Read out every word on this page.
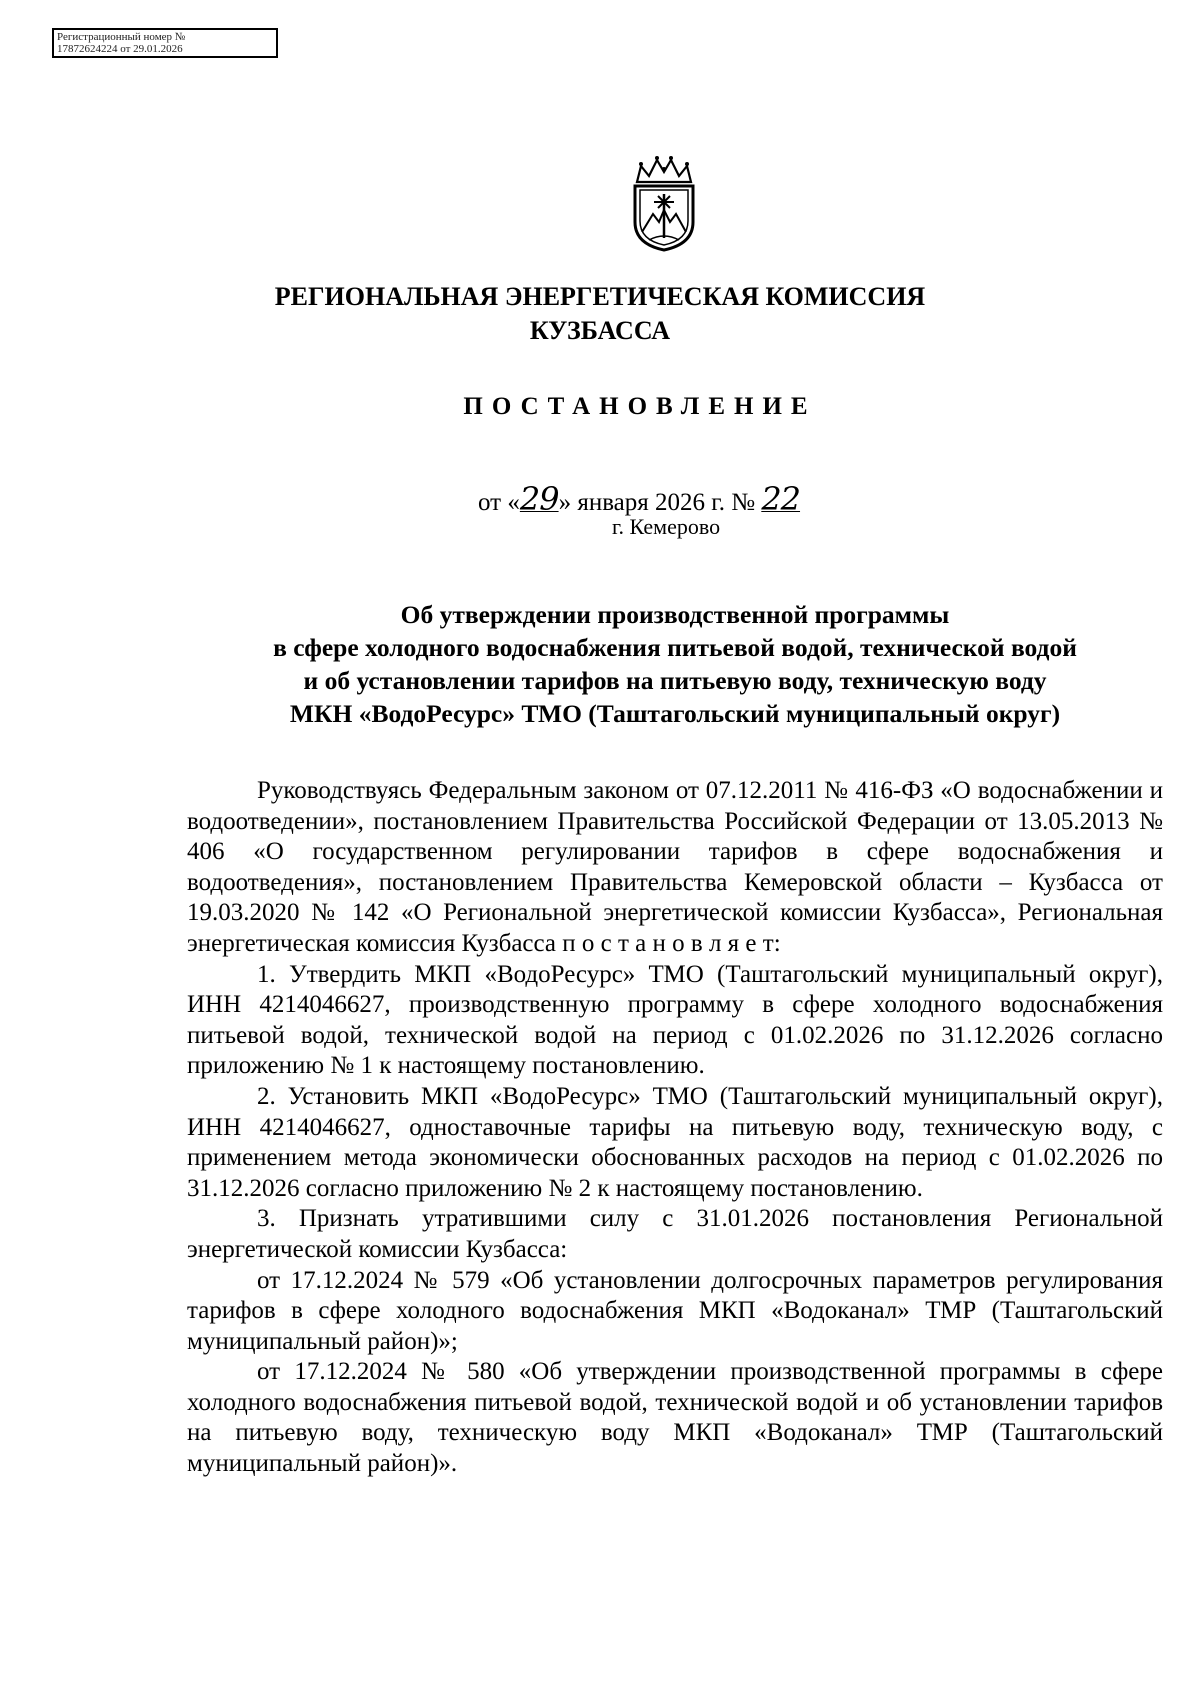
Регистрационный номер №
17872624224 от 29.01.2026
РЕГИОНАЛЬНАЯ ЭНЕРГЕТИЧЕСКАЯ КОМИССИЯ
КУЗБАССА
ПОСТАНОВЛЕНИЕ
от «29» января 2026 г. № 22
г. Кемерово
Об утверждении производственной программы
в сфере холодного водоснабжения питьевой водой, технической водой
и об установлении тарифов на питьевую воду, техническую воду
МКН «ВодоРесурс» ТМО (Таштагольский муниципальный округ)

Руководствуясь Федеральным законом от 07.12.2011 № 416-ФЗ «О водоснабжении и водоотведении», постановлением Правительства Российской Федерации от 13.05.2013 № 406 «О государственном регулировании тарифов в сфере водоснабжения и водоотведения», постановлением Правительства Кемеровской области – Кузбасса от 19.03.2020 № 142 «О Региональной энергетической комиссии Кузбасса», Региональная энергетическая комиссия Кузбасса п о с т а н о в л я е т:

1. Утвердить МКП «ВодоРесурс» ТМО (Таштагольский муниципальный округ), ИНН 4214046627, производственную программу в сфере холодного водоснабжения питьевой водой, технической водой на период с 01.02.2026 по 31.12.2026 согласно приложению № 1 к настоящему постановлению.

2. Установить МКП «ВодоРесурс» ТМО (Таштагольский муниципальный округ), ИНН 4214046627, одноставочные тарифы на питьевую воду, техническую воду, с применением метода экономически обоснованных расходов на период с 01.02.2026 по 31.12.2026 согласно приложению № 2 к настоящему постановлению.

3. Признать утратившими силу с 31.01.2026 постановления Региональной энергетической комиссии Кузбасса:

от 17.12.2024 № 579 «Об установлении долгосрочных параметров регулирования тарифов в сфере холодного водоснабжения МКП «Водоканал» ТМР (Таштагольский муниципальный район)»;

от 17.12.2024 № 580 «Об утверждении производственной программы в сфере холодного водоснабжения питьевой водой, технической водой и об установлении тарифов на питьевую воду, техническую воду МКП «Водоканал» ТМР (Таштагольский муниципальный район)».
